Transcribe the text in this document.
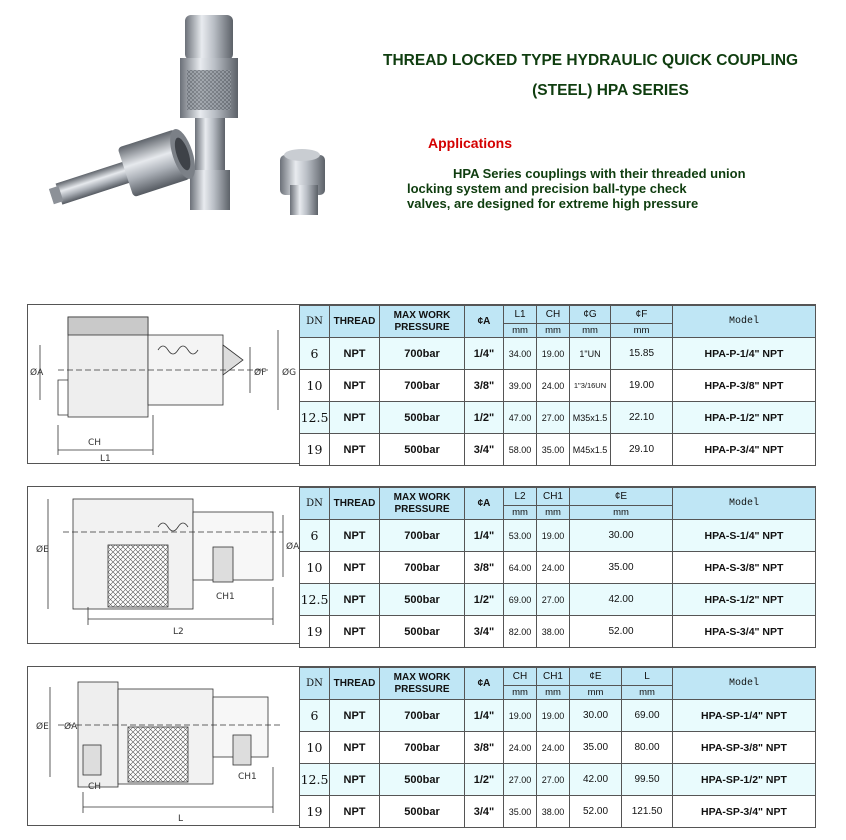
THREAD LOCKED TYPE HYDRAULIC QUICK COUPLING
(STEEL) HPA SERIES
Applications
HPA Series couplings with their threaded union
locking system and precision ball-type check
valves, are designed for extreme high pressure
CH
L1
ØA	ØF ØG
DN	THREAD	MAX WORK PRESSURE	¢A	L1	CH	¢G	¢F	Model
				mm	mm	mm	mm	
6	NPT	700bar	1/4"	34.00	19.00	1"UN	15.85	HPA-P-1/4" NPT
10	NPT	700bar	3/8"	39.00	24.00	1"3/16UN	19.00	HPA-P-3/8" NPT
12.5	NPT	500bar	1/2"	47.00	27.00	M35x1.5	22.10	HPA-P-1/2" NPT
19	NPT	500bar	3/4"	58.00	35.00	M45x1.5	29.10	HPA-P-3/4" NPT
ØE	ØA
CH1
L2
DN	THREAD	MAX WORK PRESSURE	¢A	L2	CH1	¢E	Model
				mm	mm	mm	
6	NPT	700bar	1/4"	53.00	19.00	30.00	HPA-S-1/4" NPT
10	NPT	700bar	3/8"	64.00	24.00	35.00	HPA-S-3/8" NPT
12.5	NPT	500bar	1/2"	69.00	27.00	42.00	HPA-S-1/2" NPT
19	NPT	500bar	3/4"	82.00	38.00	52.00	HPA-S-3/4" NPT
ØE ØA
CH
CH1
L
DN	THREAD	MAX WORK PRESSURE	¢A	CH	CH1	¢E	L	Model
				mm	mm	mm	mm	
6	NPT	700bar	1/4"	19.00	19.00	30.00	69.00	HPA-SP-1/4" NPT
10	NPT	700bar	3/8"	24.00	24.00	35.00	80.00	HPA-SP-3/8" NPT
12.5	NPT	500bar	1/2"	27.00	27.00	42.00	99.50	HPA-SP-1/2" NPT
19	NPT	500bar	3/4"	35.00	38.00	52.00	121.50	HPA-SP-3/4" NPT
